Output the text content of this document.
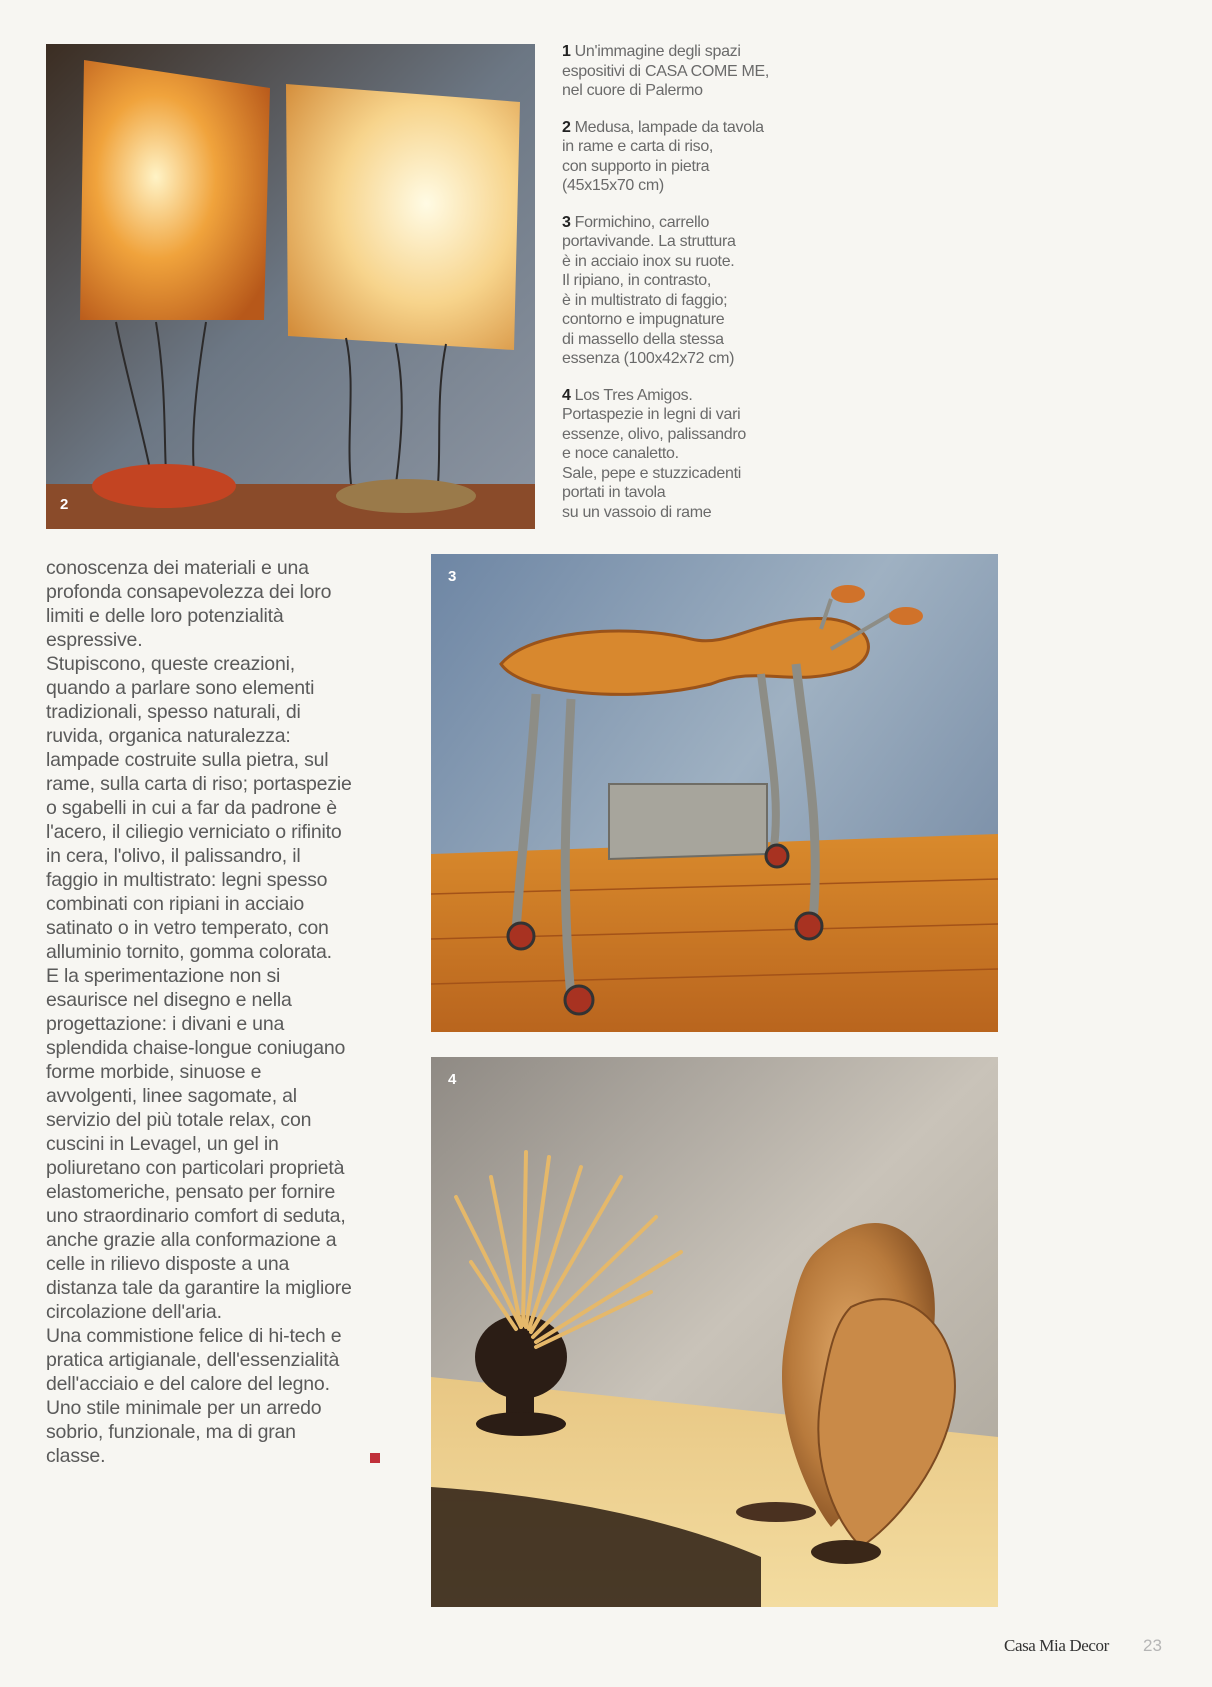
2
1 Un'immagine degli spazi
espositivi di CASA COME ME,
nel cuore di Palermo
2 Medusa, lampade da tavola
in rame e carta di riso,
con supporto in pietra
(45x15x70 cm)
3 Formichino, carrello
portavivande. La struttura
è in acciaio inox su ruote.
Il ripiano, in contrasto,
è in multistrato di faggio;
contorno e impugnature
di massello della stessa
essenza (100x42x72 cm)
4 Los Tres Amigos.
Portaspezie in legni di vari
essenze, olivo, palissandro
e noce canaletto.
Sale, pepe e stuzzicadenti
portati in tavola
su un vassoio di rame
3
conoscenza dei materiali e una
profonda consapevolezza dei loro
limiti e delle loro potenzialità
espressive.
Stupiscono, queste creazioni,
quando a parlare sono elementi
tradizionali, spesso naturali, di
ruvida, organica naturalezza:
lampade costruite sulla pietra, sul
rame, sulla carta di riso; portaspezie
o sgabelli in cui a far da padrone è
l'acero, il ciliegio verniciato o rifinito
in cera, l'olivo, il palissandro, il
faggio in multistrato: legni spesso
combinati con ripiani in acciaio
satinato o in vetro temperato, con
alluminio tornito, gomma colorata.
E la sperimentazione non si
esaurisce nel disegno e nella
progettazione: i divani e una
splendida chaise-longue coniugano
forme morbide, sinuose e
avvolgenti, linee sagomate, al
servizio del più totale relax, con
cuscini in Levagel, un gel in
poliuretano con particolari proprietà
elastomeriche, pensato per fornire
uno straordinario comfort di seduta,
anche grazie alla conformazione a
celle in rilievo disposte a una
distanza tale da garantire la migliore
circolazione dell'aria.
Una commistione felice di hi-tech e
pratica artigianale, dell'essenzialità
dell'acciaio e del calore del legno.
Uno stile minimale per un arredo
sobrio, funzionale, ma di gran
classe.
4
Casa Mia Decor 23
